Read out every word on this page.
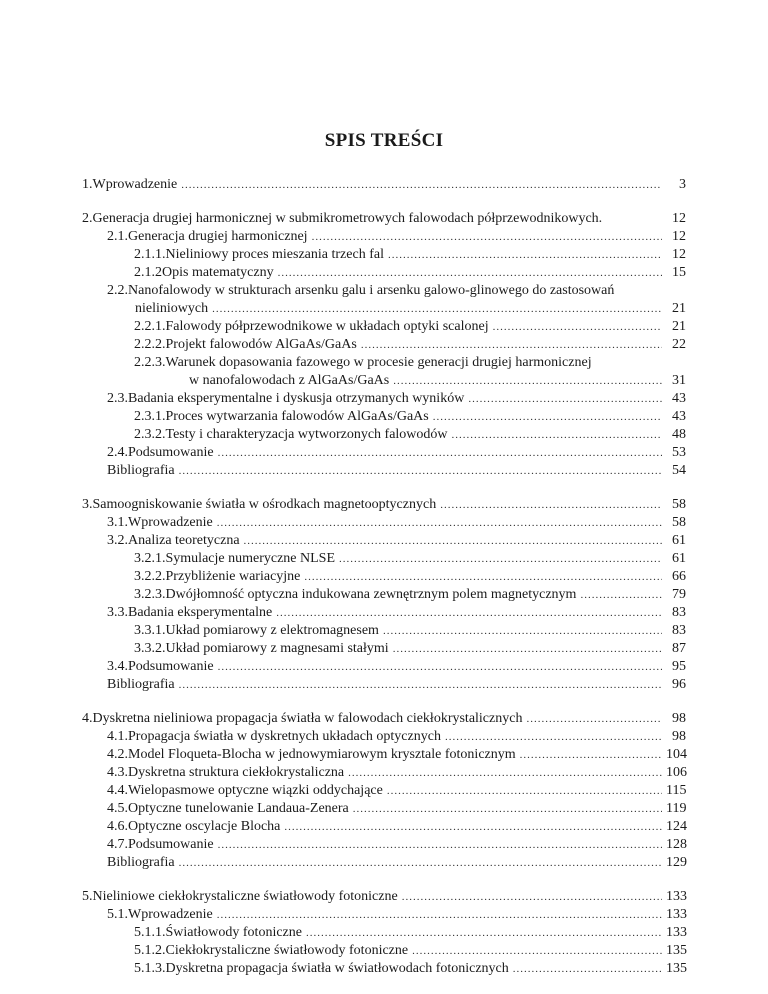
SPIS TREŚCI
1. Wprowadzenie .....	3
2. Generacja drugiej harmonicznej w submikrometrowych falowodach półprzewodnikowych.	12
2.1. Generacja drugiej harmonicznej .....	12
2.1.1. Nieliniowy proces mieszania trzech fal .....	12
2.1.2 Opis matematyczny .....	15
2.2. Nanofalowody w strukturach arsenku galu i arsenku galowo-glinowego do zastosowań
nieliniowych .....	21
2.2.1. Falowody półprzewodnikowe w układach optyki scalonej .....	21
2.2.2. Projekt falowodów AlGaAs/GaAs .....	22
2.2.3. Warunek dopasowania fazowego w procesie generacji drugiej harmonicznej
w nanofalowodach z AlGaAs/GaAs .....	31
2.3. Badania eksperymentalne i dyskusja otrzymanych wyników .....	43
2.3.1. Proces wytwarzania falowodów AlGaAs/GaAs .....	43
2.3.2. Testy i charakteryzacja wytworzonych falowodów .....	48
2.4. Podsumowanie .....	53
Bibliografia .....	54
3. Samoogniskowanie światła w ośrodkach magnetooptycznych .....	58
3.1. Wprowadzenie .....	58
3.2. Analiza teoretyczna .....	61
3.2.1. Symulacje numeryczne NLSE .....	61
3.2.2. Przybliżenie wariacyjne .....	66
3.2.3. Dwójłomność optyczna indukowana zewnętrznym polem magnetycznym .....	79
3.3. Badania eksperymentalne .....	83
3.3.1. Układ pomiarowy z elektromagnesem .....	83
3.3.2. Układ pomiarowy z magnesami stałymi .....	87
3.4. Podsumowanie .....	95
Bibliografia .....	96
4. Dyskretna nieliniowa propagacja światła w falowodach ciekłokrystalicznych .....	98
4.1. Propagacja światła w dyskretnych układach optycznych .....	98
4.2. Model Floqueta-Blocha w jednowymiarowym krysztale fotonicznym .....	104
4.3. Dyskretna struktura ciekłokrystaliczna .....	106
4.4. Wielopasmowe optyczne wiązki oddychające .....	115
4.5. Optyczne tunelowanie Landaua-Zenera .....	119
4.6. Optyczne oscylacje Blocha .....	124
4.7. Podsumowanie .....	128
Bibliografia .....	129
5. Nieliniowe ciekłokrystaliczne światłowody fotoniczne .....	133
5.1. Wprowadzenie .....	133
5.1.1. Światłowody fotoniczne .....	133
5.1.2. Ciekłokrystaliczne światłowody fotoniczne .....	135
5.1.3. Dyskretna propagacja światła w światłowodach fotonicznych .....	135
